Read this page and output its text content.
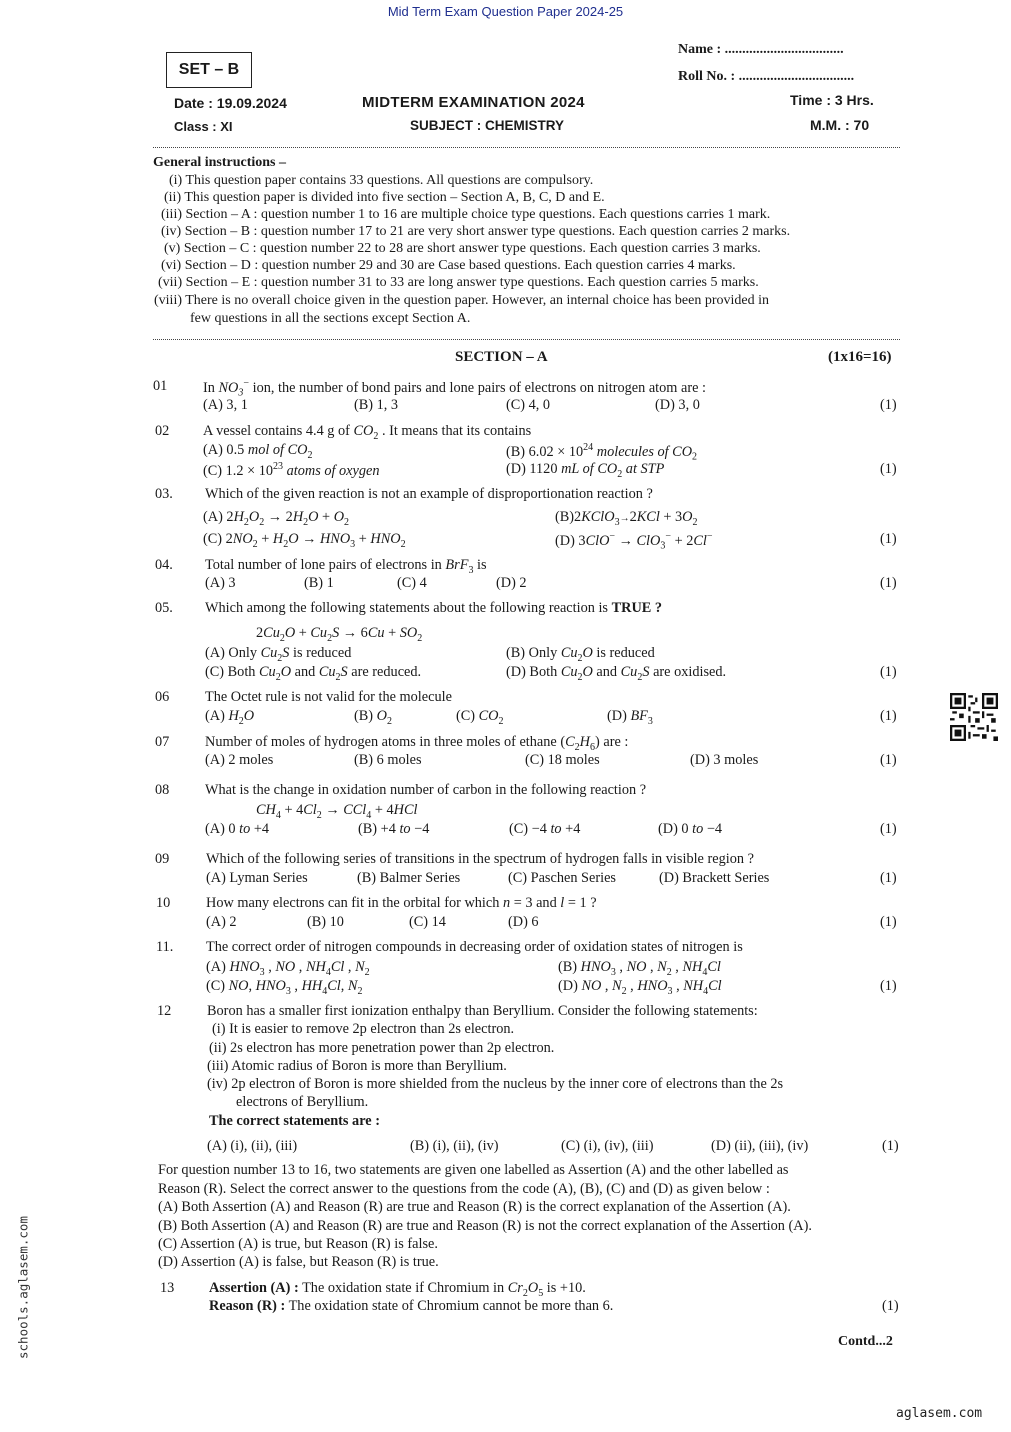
Mid Term Exam Question Paper 2024-25
SET – B
Name : ..................................
Roll No. : .................................
Date : 19.09.2024	MIDTERM EXAMINATION 2024	Time : 3 Hrs.
Class : XI	SUBJECT : CHEMISTRY	M.M. : 70
General instructions –
(i) This question paper contains 33 questions. All questions are compulsory.
(ii) This question paper is divided into five section – Section A, B, C, D and E.
(iii) Section – A : question number 1 to 16 are multiple choice type questions. Each questions carries 1 mark.
(iv) Section – B : question number 17 to 21 are very short answer type questions. Each question carries 2 marks.
(v) Section – C : question number 22 to 28 are short answer type questions. Each question carries 3 marks.
(vi) Section – D : question number 29 and 30 are Case based questions. Each question carries 4 marks.
(vii) Section – E : question number 31 to 33 are long answer type questions. Each question carries 5 marks.
(viii) There is no overall choice given in the question paper. However, an internal choice has been provided in
few questions in all the sections except Section A.
SECTION – A	(1x16=16)
01 In $NO_3^-$ ion, the number of bond pairs and lone pairs of electrons on nitrogen atom are :
(A) 3, 1	(B) 1, 3	(C) 4, 0	(D) 3, 0	(1)
02 A vessel contains 4.4 g of $CO_2$ . It means that its contains
(A) 0.5 mol of $CO_2$	(B) $6.02 \times 10^{24}$ molecules of $CO_2$
(C) $1.2 \times 10^{23}$ atoms of oxygen	(D) 1120 mL of $CO_2$ at STP	(1)
03. Which of the given reaction is not an example of disproportionation reaction ?
(A) $2H_2O_2 \to 2H_2O + O_2$	(B)2KClO$_3$→2KCl + $3O_2$
(C) $2NO_2 + H_2O \to HNO_3 + HNO_2$	(D) 3ClO− → ClO$_3$− + 2Cl−	(1)
04. Total number of lone pairs of electrons in BrF$_3$ is
(A) 3	(B) 1	(C) 4	(D) 2	(1)
05. Which among the following statements about the following reaction is TRUE ?
$2Cu_2O + Cu_2S \to 6Cu + SO_2$
(A) Only $Cu_2S$ is reduced	(B) Only $Cu_2O$ is reduced
(C) Both $Cu_2O$ and $Cu_2S$ are reduced.	(D) Both $Cu_2O$ and $Cu_2S$ are oxidised.	(1)
06 The Octet rule is not valid for the molecule
(A) $H_2O$	(B) $O_2$	(C) $CO_2$	(D) $BF_3$	(1)
07 Number of moles of hydrogen atoms in three moles of ethane $(C_2H_6)$ are :
(A) 2 moles	(B) 6 moles	(C) 18 moles	(D) 3 moles	(1)
08 What is the change in oxidation number of carbon in the following reaction ?
$CH_4 + 4Cl_2 \to CCl_4 + 4HCl$
(A) 0 to +4	(B) +4 to −4	(C) −4 to +4	(D) 0 to −4	(1)
09	Which of the following series of transitions in the spectrum of hydrogen falls in visible region ?
(A) Lyman Series	(B) Balmer Series	(C) Paschen Series	(D) Brackett Series	(1)
10 How many electrons can fit in the orbital for which n = 3 and l = 1 ?
(A) 2	(B) 10	(C) 14	(D) 6	(1)
11. The correct order of nitrogen compounds in decreasing order of oxidation states of nitrogen is
(A) $HNO_3$ , NO , $NH_4Cl$ , $N_2$	(B) $HNO_3$ , NO , $N_2$ , $NH_4Cl$
(C) NO, $HNO_3$ , $HH_4Cl$, $N_2$	(D) NO , $N_2$ , $HNO_3$ , $NH_4Cl$	(1)
12 Boron has a smaller first ionization enthalpy than Beryllium. Consider the following statements:
(i) It is easier to remove 2p electron than 2s electron.
(ii) 2s electron has more penetration power than 2p electron.
(iii) Atomic radius of Boron is more than Beryllium.
(iv) 2p electron of Boron is more shielded from the nucleus by the inner core of electrons than the 2s
electrons of Beryllium.
The correct statements are :
(A) (i), (ii), (iii)	(B) (i), (ii), (iv)	(C) (i), (iv), (iii)	(D) (ii), (iii), (iv)	(1)
For question number 13 to 16, two statements are given one labelled as Assertion (A) and the other labelled as
Reason (R). Select the correct answer to the questions from the code (A), (B), (C) and (D) as given below :
(A) Both Assertion (A) and Reason (R) are true and Reason (R) is the correct explanation of the Assertion (A).
(B) Both Assertion (A) and Reason (R) are true and Reason (R) is not the correct explanation of the Assertion (A).
(C) Assertion (A) is true, but Reason (R) is false.
(D) Assertion (A) is false, but Reason (R) is true.
13 Assertion (A) : The oxidation state if Chromium in $Cr_2O_5$ is +10.
Reason (R) : The oxidation state of Chromium cannot be more than 6.	(1)
Contd...2
aglasem.com
schools.aglasem.com
